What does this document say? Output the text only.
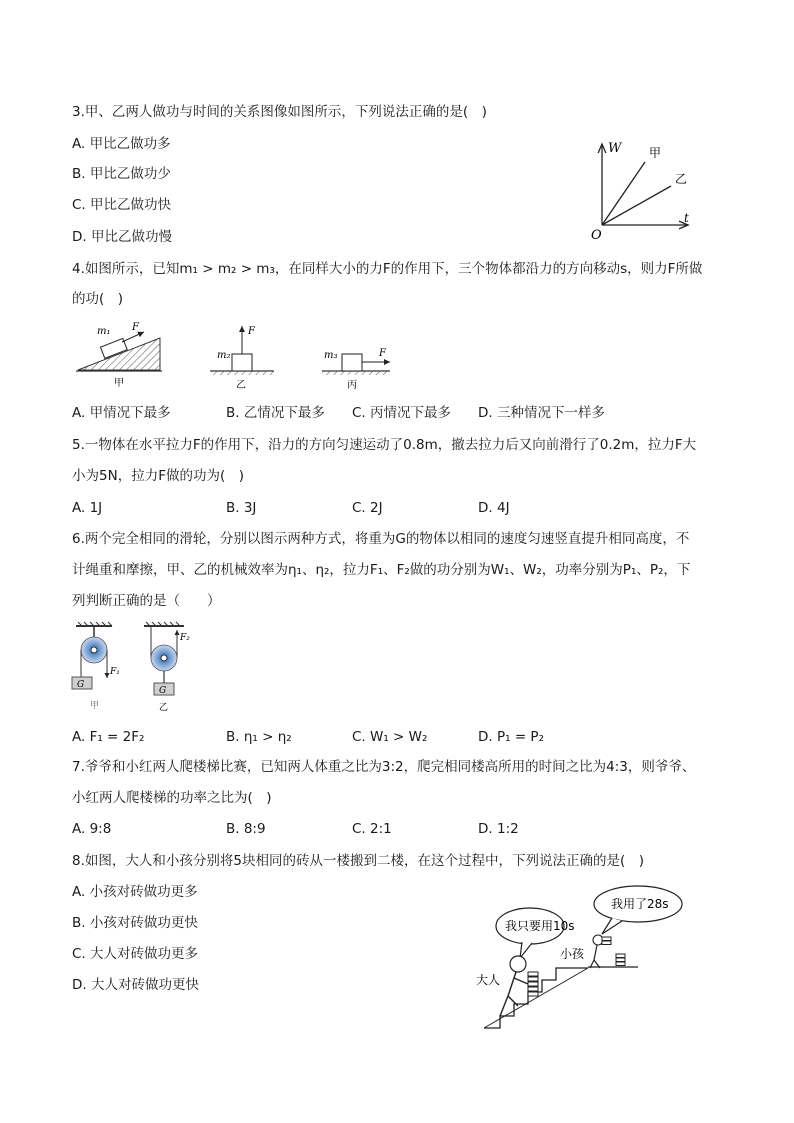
3.甲、乙两人做功与时间的关系图像如图所示，下列说法正确的是(　)
A. 甲比乙做功多
B. 甲比乙做功少
C. 甲比乙做功快
D. 甲比乙做功慢
W
t
O
甲
乙
4.如图所示，已知m₁ > m₂ > m₃，在同样大小的力F的作用下，三个物体都沿力的方向移动s，则力F所做
的功(　)
m₁ F
甲
m₂
F
乙
m₃	F
丙
A. 甲情况下最多	B. 乙情况下最多 C. 丙情况下最多 D. 三种情况下一样多
5.一物体在水平拉力F的作用下，沿力的方向匀速运动了0.8m，撤去拉力后又向前滑行了0.2m，拉力F大
小为5N，拉力F做的功为(　)
A. 1J	B. 3J	C. 2J	D. 4J
6.两个完全相同的滑轮，分别以图示两种方式，将重为G的物体以相同的速度匀速竖直提升相同高度，不
计绳重和摩擦，甲、乙的机械效率为η₁、η₂，拉力F₁、F₂做的功分别为W₁、W₂，功率分别为P₁、P₂，下
列判断正确的是（　　）
G
F₁
甲
G
F₂
乙
A. F₁ = 2F₂	B. η₁ > η₂	C. W₁ > W₂	D. P₁ = P₂
7.爷爷和小红两人爬楼梯比赛，已知两人体重之比为3:2，爬完相同楼高所用的时间之比为4:3，则爷爷、
小红两人爬楼梯的功率之比为(　)
A. 9:8	B. 8:9	C. 2:1	D. 1:2
8.如图，大人和小孩分别将5块相同的砖从一楼搬到二楼，在这个过程中，下列说法正确的是(　)
A. 小孩对砖做功更多
B. 小孩对砖做功更快
C. 大人对砖做功更多
D. 大人对砖做功更快
我只要用10s
我用了28s
大人
小孩
